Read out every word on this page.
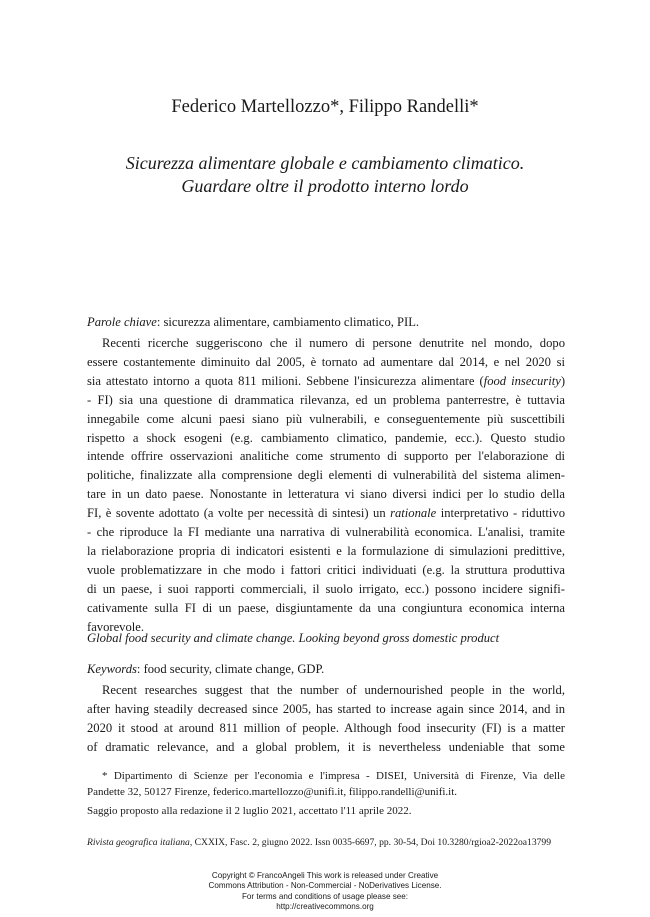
Federico Martellozzo*, Filippo Randelli*
Sicurezza alimentare globale e cambiamento climatico.
Guardare oltre il prodotto interno lordo
Parole chiave: sicurezza alimentare, cambiamento climatico, PIL.
Recenti ricerche suggeriscono che il numero di persone denutrite nel mondo, dopo
essere costantemente diminuito dal 2005, è tornato ad aumentare dal 2014, e nel 2020 si
sia attestato intorno a quota 811 milioni. Sebbene l'insicurezza alimentare (food insecurity)
- FI) sia una questione di drammatica rilevanza, ed un problema panterrestre, è tuttavia
innegabile come alcuni paesi siano più vulnerabili, e conseguentemente più suscettibili
rispetto a shock esogeni (e.g. cambiamento climatico, pandemie, ecc.). Questo studio
intende offrire osservazioni analitiche come strumento di supporto per l'elaborazione di
politiche, finalizzate alla comprensione degli elementi di vulnerabilità del sistema alimen-
tare in un dato paese. Nonostante in letteratura vi siano diversi indici per lo studio della
FI, è sovente adottato (a volte per necessità di sintesi) un rationale interpretativo - riduttivo
- che riproduce la FI mediante una narrativa di vulnerabilità economica. L'analisi, tramite
la rielaborazione propria di indicatori esistenti e la formulazione di simulazioni predittive,
vuole problematizzare in che modo i fattori critici individuati (e.g. la struttura produttiva
di un paese, i suoi rapporti commerciali, il suolo irrigato, ecc.) possono incidere signifi-
cativamente sulla FI di un paese, disgiuntamente da una congiuntura economica interna
favorevole.
Global food security and climate change. Looking beyond gross domestic product
Keywords: food security, climate change, GDP.
Recent researches suggest that the number of undernourished people in the world,
after having steadily decreased since 2005, has started to increase again since 2014, and in
2020 it stood at around 811 million of people. Although food insecurity (FI) is a matter
of dramatic relevance, and a global problem, it is nevertheless undeniable that some
* Dipartimento di Scienze per l'economia e l'impresa - DISEI, Università di Firenze, Via delle
Pandette 32, 50127 Firenze, federico.martellozzo@unifi.it, filippo.randelli@unifi.it.
Saggio proposto alla redazione il 2 luglio 2021, accettato l'11 aprile 2022.
Rivista geografica italiana, CXXIX, Fasc. 2, giugno 2022. Issn 0035-6697, pp. 30-54, Doi 10.3280/rgioa2-2022oa13799
Copyright © FrancoAngeli This work is released under Creative
Commons Attribution - Non-Commercial - NoDerivatives License.
For terms and conditions of usage please see:
http://creativecommons.org
